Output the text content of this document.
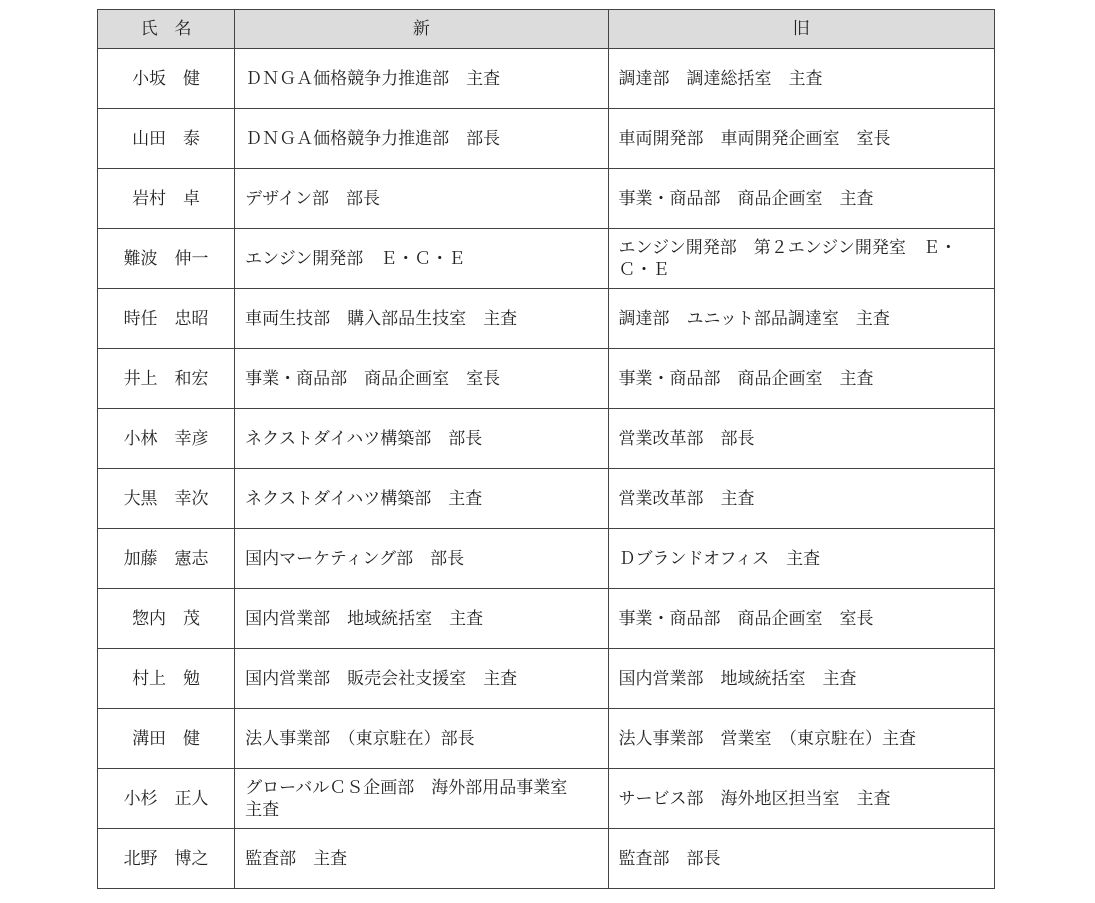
氏　名	新	旧
小坂　健	ＤＮＧＡ価格競争力推進部　主査	調達部　調達総括室　主査
山田　泰	ＤＮＧＡ価格競争力推進部　部長	車両開発部　車両開発企画室　室長
岩村　卓	デザイン部　部長	事業・商品部　商品企画室　主査
難波　伸一	エンジン開発部　Ｅ・Ｃ・Ｅ	エンジン開発部　第２エンジン開発室　Ｅ・Ｃ・Ｅ
時任　忠昭	車両生技部　購入部品生技室　主査	調達部　ユニット部品調達室　主査
井上　和宏	事業・商品部　商品企画室　室長	事業・商品部　商品企画室　主査
小林　幸彦	ネクストダイハツ構築部　部長	営業改革部　部長
大黒　幸次	ネクストダイハツ構築部　主査	営業改革部　主査
加藤　憲志	国内マーケティング部　部長	Ｄブランドオフィス　主査
惣内　茂	国内営業部　地域統括室　主査	事業・商品部　商品企画室　室長
村上　勉	国内営業部　販売会社支援室　主査	国内営業部　地域統括室　主査
溝田　健	法人事業部　（東京駐在）部長	法人事業部　営業室　（東京駐在）主査
小杉　正人	グローバルＣＳ企画部　海外部用品事業室　主査	サービス部　海外地区担当室　主査
北野　博之	監査部　主査	監査部　部長
